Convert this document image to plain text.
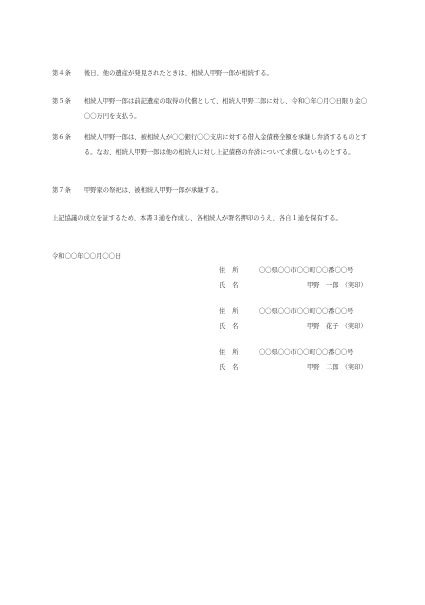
第４条	後日、他の遺産が発見されたときは、相続人甲野一郎が相続する。
第５条	相続人甲野一郎は前記遺産の取得の代償として、相続人甲野二郎に対し、令和〇年〇月〇日限り金〇〇〇万円を支払う。
第６条	相続人甲野一郎は、被相続人が〇〇銀行〇〇支店に対する借入金債務全額を承継し弁済するものとする。なお、相続人甲野一郎は他の相続人に対し上記債務の弁済について求償しないものとする。
第７条	甲野家の祭祀は、被相続人甲野一郎が承継する。
上記協議の成立を証するため、本書３通を作成し、各相続人が署名押印のうえ、各自１通を保有する。
令和〇〇年〇〇月〇〇日
住所	〇〇県〇〇市〇〇町〇〇番〇〇号
氏名	甲野　一郎　（実印）
住所	〇〇県〇〇市〇〇町〇〇番〇〇号
氏名	甲野　花子　（実印）
住所	〇〇県〇〇市〇〇町〇〇番〇〇号
氏名	甲野　二郎　（実印）
